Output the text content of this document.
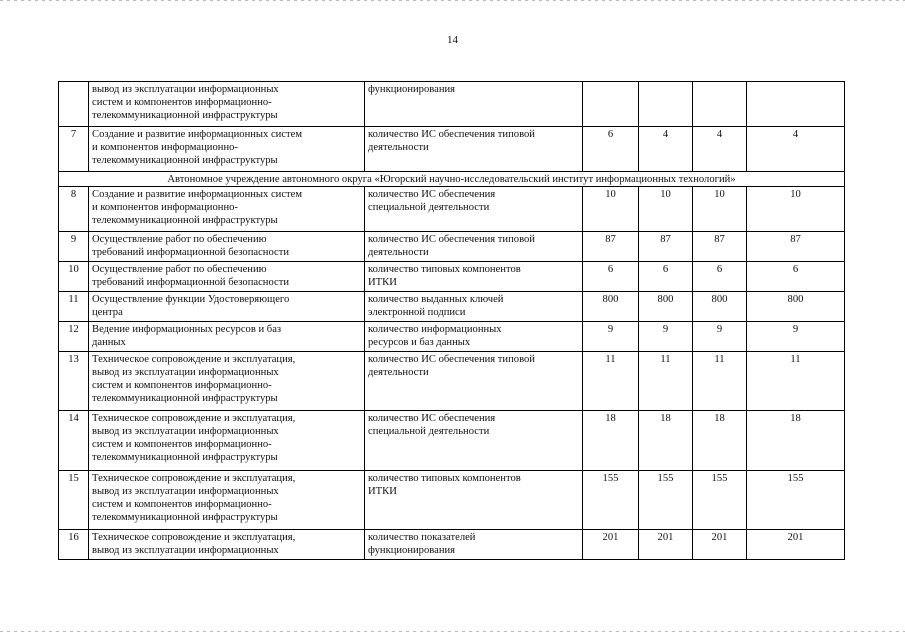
14

	вывод из эксплуатации информационных
систем и компонентов информационно-
телекоммуникационной инфраструктуры	функционирования				

7	Создание и развитие информационных систем
и компонентов информационно-
телекоммуникационной инфраструктуры	количество ИС обеспечения типовой
деятельности	6	4	4	4
Автономное учреждение автономного округа «Югорский научно-исследовательский институт информационных технологий»						
8	Создание и развитие информационных систем
и компонентов информационно-
телекоммуникационной инфраструктуры	количество ИС обеспечения
специальной деятельности	10	10	10	10
9	Осуществление работ по обеспечению
требований информационной безопасности	количество ИС обеспечения типовой
деятельности	87	87	87	87
10	Осуществление работ по обеспечению
требований информационной безопасности	количество типовых компонентов
ИТКИ	6	6	6	6
11	Осуществление функции Удостоверяющего
центра	количество выданных ключей
электронной подписи	800	800	800	800
12	Ведение информационных ресурсов и баз
данных	количество информационных
ресурсов и баз данных	9	9	9	9
13	Техническое сопровождение и эксплуатация,
вывод из эксплуатации информационных
систем и компонентов информационно-
телекоммуникационной инфраструктуры	количество ИС обеспечения типовой
деятельности	11	11	11	11
14	Техническое сопровождение и эксплуатация,
вывод из эксплуатации информационных
систем и компонентов информационно-
телекоммуникационной инфраструктуры	количество ИС обеспечения
специальной деятельности	18	18	18	18
15	Техническое сопровождение и эксплуатация,
вывод из эксплуатации информационных
систем и компонентов информационно-
телекоммуникационной инфраструктуры	количество типовых компонентов
ИТКИ	155	155	155	155
16	Техническое сопровождение и эксплуатация,
вывод из эксплуатации информационных	количество показателей
функционирования	201	201	201	201
